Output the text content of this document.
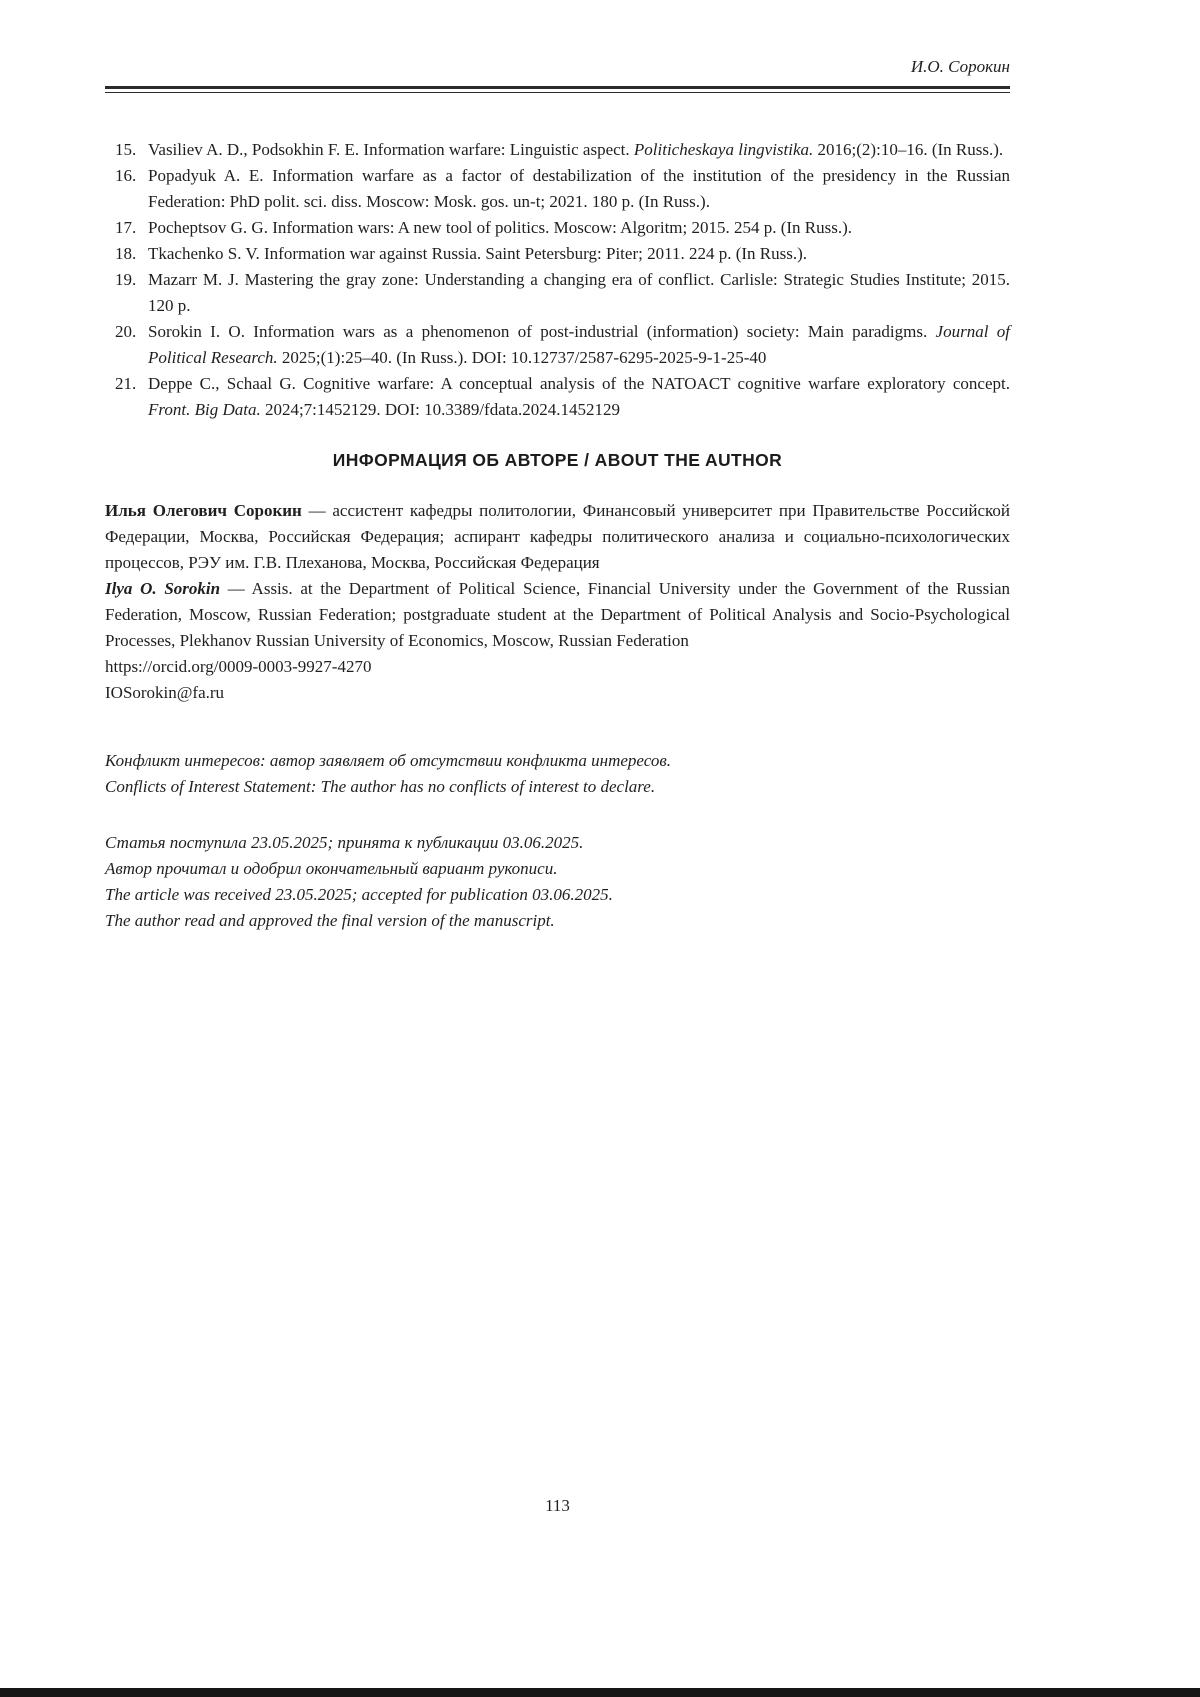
И.О. Сорокин
15. Vasiliev A. D., Podsokhin F. E. Information warfare: Linguistic aspect. Politicheskaya lingvistika. 2016;(2):10–16. (In Russ.).
16. Popadyuk A. E. Information warfare as a factor of destabilization of the institution of the presidency in the Russian Federation: PhD polit. sci. diss. Moscow: Mosk. gos. un-t; 2021. 180 p. (In Russ.).
17. Pocheptsov G. G. Information wars: A new tool of politics. Moscow: Algoritm; 2015. 254 p. (In Russ.).
18. Tkachenko S. V. Information war against Russia. Saint Petersburg: Piter; 2011. 224 p. (In Russ.).
19. Mazarr M. J. Mastering the gray zone: Understanding a changing era of conflict. Carlisle: Strategic Studies Institute; 2015. 120 p.
20. Sorokin I. O. Information wars as a phenomenon of post-industrial (information) society: Main paradigms. Journal of Political Research. 2025;(1):25–40. (In Russ.). DOI: 10.12737/2587-6295-2025-9-1-25-40
21. Deppe C., Schaal G. Cognitive warfare: A conceptual analysis of the NATOACT cognitive warfare exploratory concept. Front. Big Data. 2024;7:1452129. DOI: 10.3389/fdata.2024.1452129
ИНФОРМАЦИЯ ОБ АВТОРЕ / ABOUT THE AUTHOR

Илья Олегович Сорокин — ассистент кафедры политологии, Финансовый университет при Правительстве Российской Федерации, Москва, Российская Федерация; аспирант кафедры политического анализа и социально-психологических процессов, РЭУ им. Г.В. Плеханова, Москва, Российская Федерация

Ilya O. Sorokin — Assis. at the Department of Political Science, Financial University under the Government of the Russian Federation, Moscow, Russian Federation; postgraduate student at the Department of Political Analysis and Socio-Psychological Processes, Plekhanov Russian University of Economics, Moscow, Russian Federation

https://orcid.org/0009-0003-9927-4270

IOSorokin@fa.ru

Конфликт интересов: автор заявляет об отсутствии конфликта интересов.

Conflicts of Interest Statement: The author has no conflicts of interest to declare.

Статья поступила 23.05.2025; принята к публикации 03.06.2025.

Автор прочитал и одобрил окончательный вариант рукописи.

The article was received 23.05.2025; accepted for publication 03.06.2025.

The author read and approved the final version of the manuscript.

113
